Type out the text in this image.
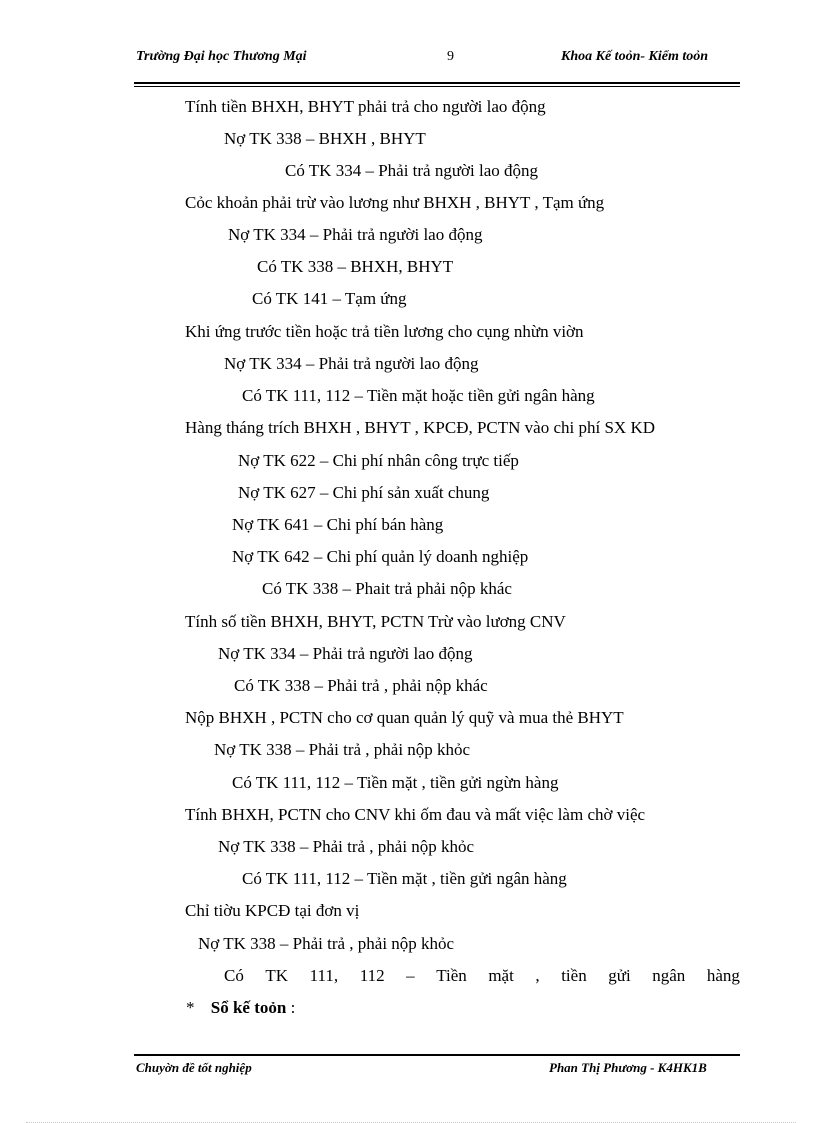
Trường Đại học Thương Mại	9	Khoa Kế toỏn- Kiểm toỏn
Tính tiền BHXH, BHYT phải trả cho người lao động
Nợ TK 338 – BHXH , BHYT
Có TK 334 – Phải trả người lao động
Cỏc khoản phải trừ vào lương như BHXH , BHYT , Tạm ứng
Nợ TK 334 – Phải trả người lao động
Có TK 338 – BHXH, BHYT
Có TK 141 – Tạm ứng
Khi ứng trước tiền hoặc trả tiền lương cho cụng nhừn viờn
Nợ TK 334 – Phải trả người lao động
Có TK 111, 112 – Tiền mặt hoặc tiền gửi ngân hàng
Hàng tháng trích BHXH , BHYT , KPCĐ, PCTN vào chi phí SX KD
Nợ TK 622 – Chi phí nhân công trực tiếp
Nợ TK 627 – Chi phí sản xuất chung
Nợ TK 641 – Chi phí bán hàng
Nợ TK 642 – Chi phí quản lý doanh nghiệp
Có TK 338 – Phait trả phải nộp khác
Tính số tiền BHXH, BHYT, PCTN Trừ vào lương CNV
Nợ TK 334 – Phải trả người lao động
Có TK 338 – Phải trả , phải nộp khác
Nộp BHXH , PCTN cho cơ quan quản lý quỹ và mua thẻ BHYT
Nợ TK 338 – Phải trả , phải nộp khỏc
Có TK 111, 112 – Tiền mặt , tiền gửi ngừn hàng
Tính BHXH, PCTN cho CNV khi ốm đau và mất việc làm chờ việc
Nợ TK 338 – Phải trả , phải nộp khỏc
Có TK 111, 112 – Tiền mặt , tiền gửi ngân hàng
Chỉ tiờu KPCĐ tại đơn vị
Nợ TK 338 – Phải trả , phải nộp khỏc
Có TK 111, 112 – Tiền mặt , tiền gửi ngân hàng
* Sổ kế toỏn :
Chuyờn đề tốt nghiệp	Phan Thị Phương - K4HK1B
